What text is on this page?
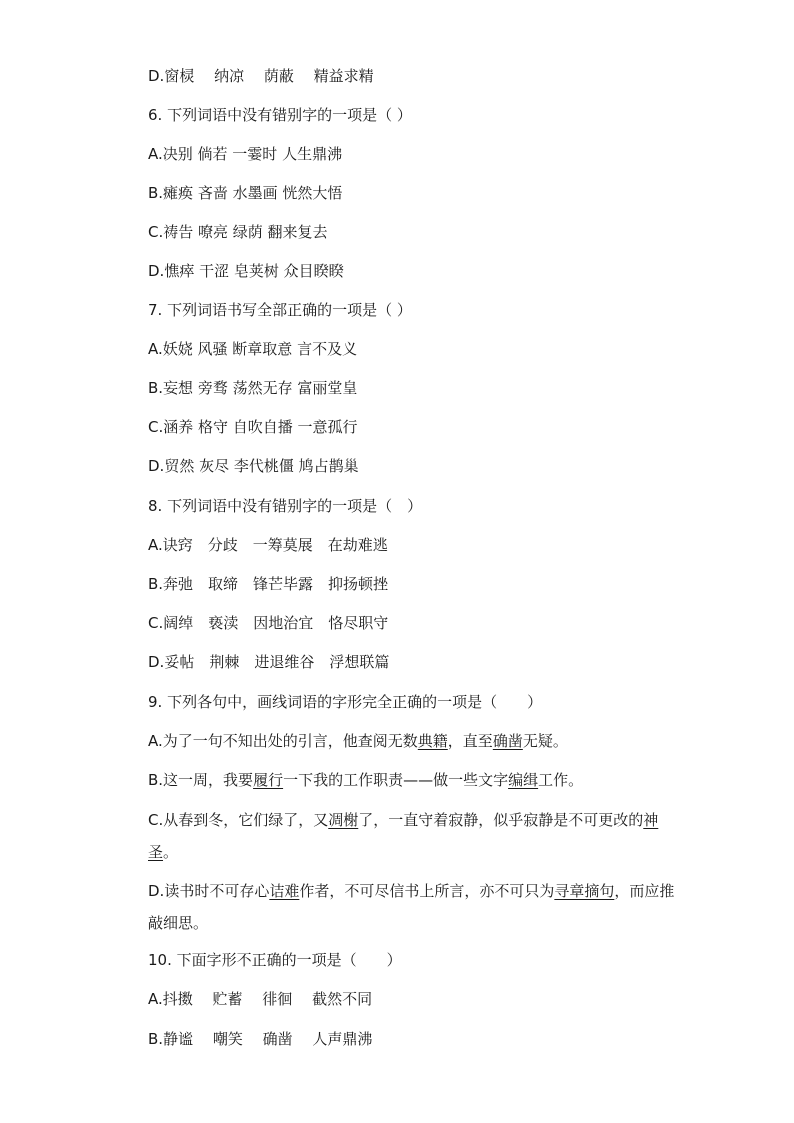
D.窗棂　 纳凉　 荫蔽　 精益求精
6. 下列词语中没有错别字的一项是（ ）
A.决别 倘若 一霎时 人生鼎沸
B.瘫痪 吝啬 水墨画 恍然大悟
C.祷告 嘹亮 绿荫 翻来复去
D.憔瘁 干涩 皂荚树 众目睽睽
7. 下列词语书写全部正确的一项是（ ）
A.妖娆 风骚 断章取意 言不及义
B.妄想 旁骛 荡然无存 富丽堂皇
C.涵养 格守 自吹自播 一意孤行
D.贸然 灰尽 李代桃僵 鸠占鹊巢
8. 下列词语中没有错别字的一项是（　）
A.诀窍　分歧　一筹莫展　在劫难逃
B.奔弛　取缔　锋芒毕露　抑扬顿挫
C.阔绰　亵渎　因地治宜　恪尽职守
D.妥帖　荆棘　进退维谷　浮想联篇
9. 下列各句中，画线词语的字形完全正确的一项是（　　）
A.为了一句不知出处的引言，他查阅无数典籍，直至确凿无疑。
B.这一周，我要履行一下我的工作职责——做一些文字编缉工作。
C.从春到冬，它们绿了，又凋榭了，一直守着寂静，似乎寂静是不可更改的神圣。
D.读书时不可存心诘难作者，不可尽信书上所言，亦不可只为寻章摘句，而应推敲细思。
10. 下面字形不正确的一项是（　　）
A.抖擞　 贮蓄　 徘徊　 截然不同
B.静谧　 嘲笑　 确凿　 人声鼎沸
